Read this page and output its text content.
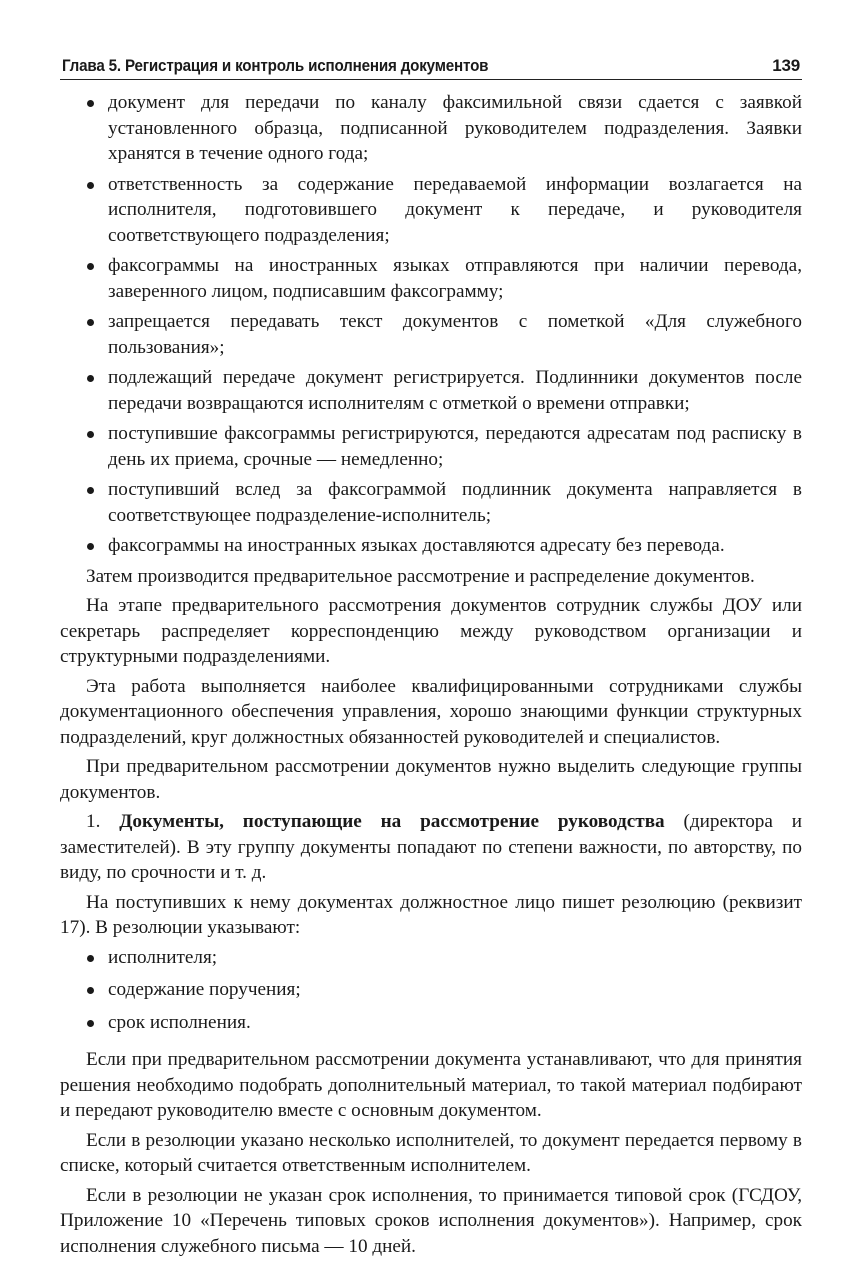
Глава 5. Регистрация и контроль исполнения документов	139
документ для передачи по каналу факсимильной связи сдается с заявкой установленного образца, подписанной руководителем подразделения. Заявки хранятся в течение одного года;
ответственность за содержание передаваемой информации возлагается на исполнителя, подготовившего документ к передаче, и руководителя соответствующего подразделения;
факсограммы на иностранных языках отправляются при наличии перевода, заверенного лицом, подписавшим факсограмму;
запрещается передавать текст документов с пометкой «Для служебного пользования»;
подлежащий передаче документ регистрируется. Подлинники документов после передачи возвращаются исполнителям с отметкой о времени отправки;
поступившие факсограммы регистрируются, передаются адресатам под расписку в день их приема, срочные — немедленно;
поступивший вслед за факсограммой подлинник документа направляется в соответствующее подразделение-исполнитель;
факсограммы на иностранных языках доставляются адресату без перевода.

Затем производится предварительное рассмотрение и распределение документов.

На этапе предварительного рассмотрения документов сотрудник службы ДОУ или секретарь распределяет корреспонденцию между руководством организации и структурными подразделениями.

Эта работа выполняется наиболее квалифицированными сотрудниками службы документационного обеспечения управления, хорошо знающими функции структурных подразделений, круг должностных обязанностей руководителей и специалистов.

При предварительном рассмотрении документов нужно выделить следующие группы документов.

1. Документы, поступающие на рассмотрение руководства (директора и заместителей). В эту группу документы попадают по степени важности, по авторству, по виду, по срочности и т. д.

На поступивших к нему документах должностное лицо пишет резолюцию (реквизит 17). В резолюции указывают:

исполнителя;
содержание поручения;
срок исполнения.

Если при предварительном рассмотрении документа устанавливают, что для принятия решения необходимо подобрать дополнительный материал, то такой материал подбирают и передают руководителю вместе с основным документом.

Если в резолюции указано несколько исполнителей, то документ передается первому в списке, который считается ответственным исполнителем.

Если в резолюции не указан срок исполнения, то принимается типовой срок (ГСДОУ, Приложение 10 «Перечень типовых сроков исполнения документов»). Например, срок исполнения служебного письма — 10 дней.
